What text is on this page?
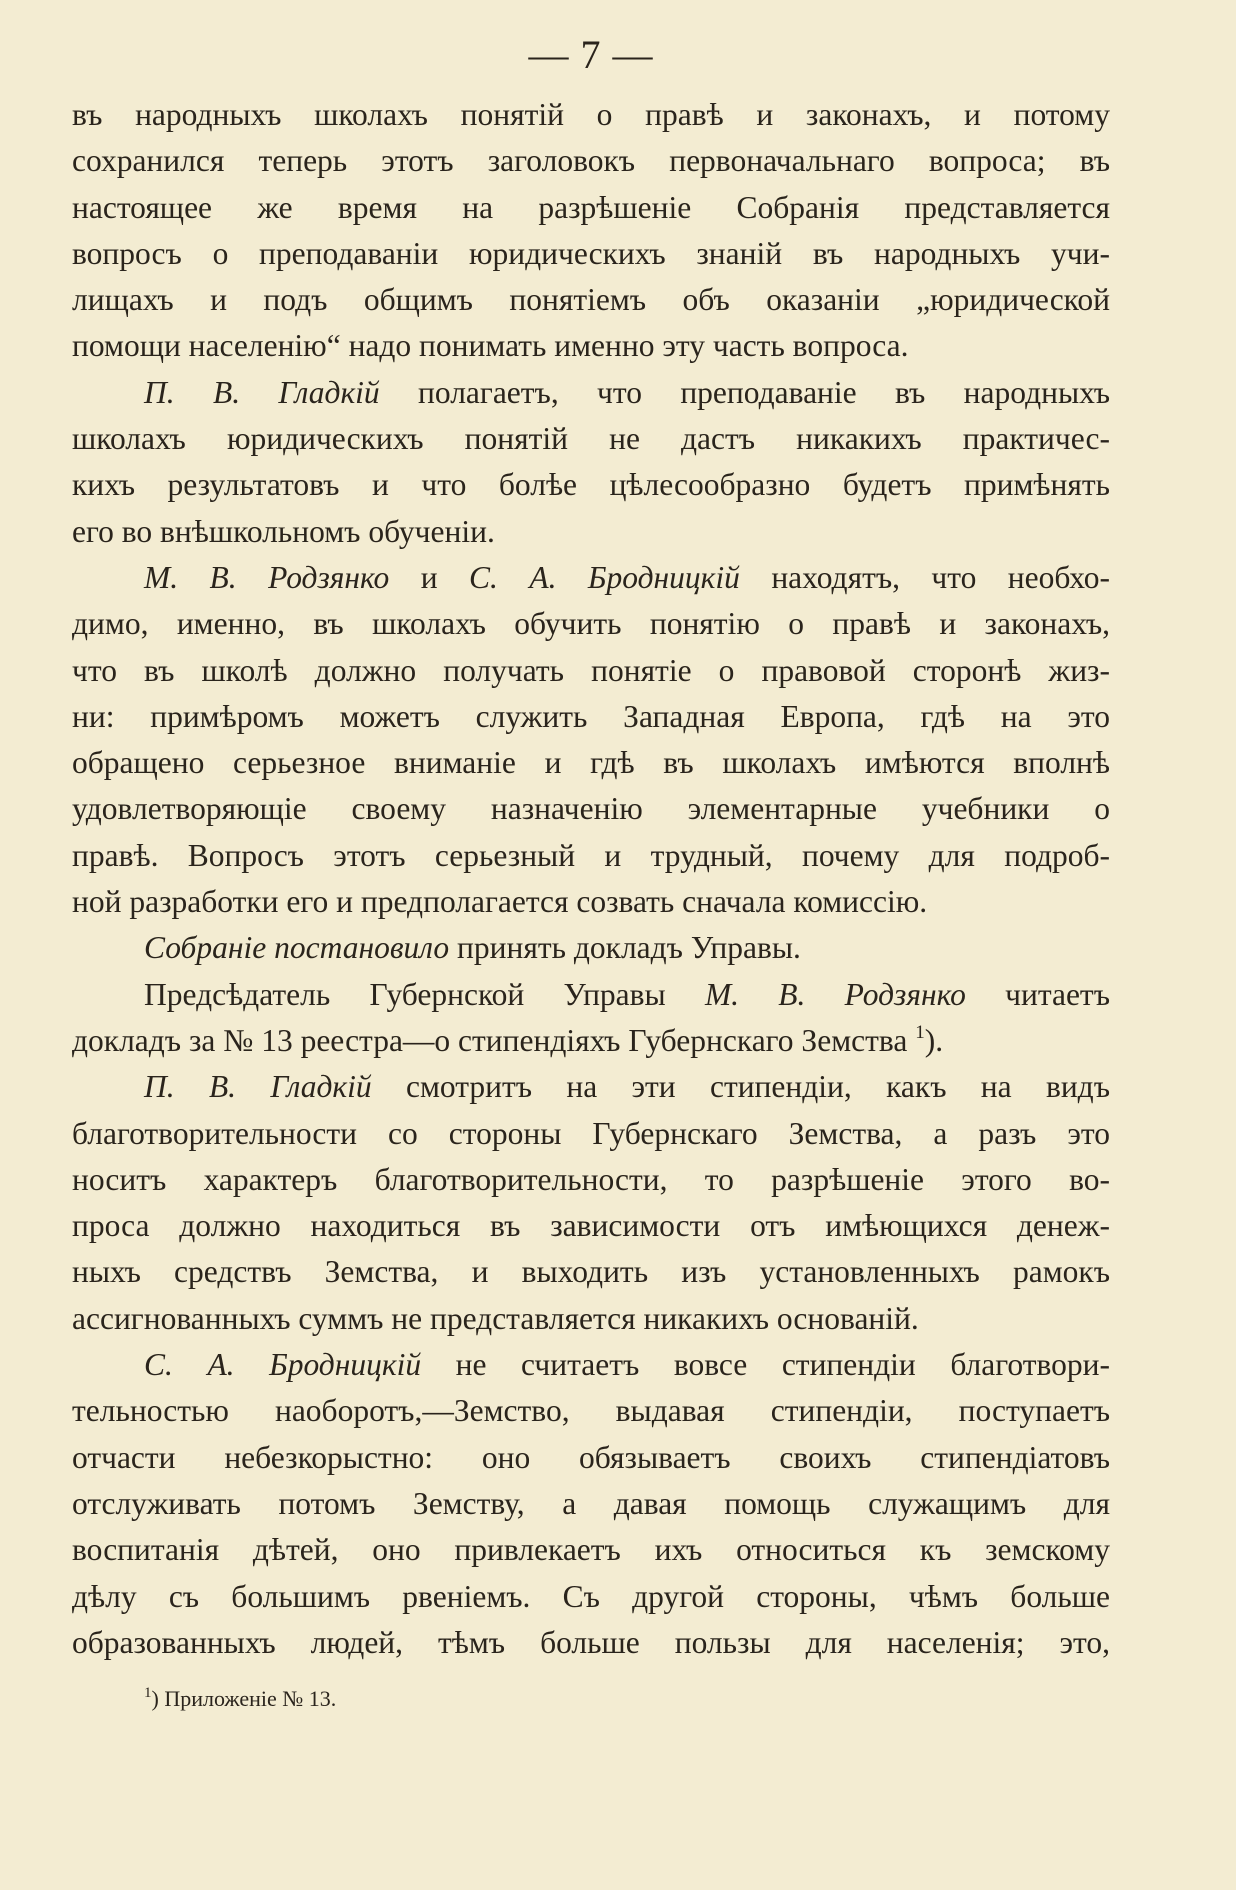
— 7 —
въ народныхъ школахъ понятій о правѣ и законахъ, и потому
сохранился теперь этотъ заголовокъ первоначальнаго вопроса; въ
настоящее же время на разрѣшеніе Собранія представляется
вопросъ о преподаваніи юридическихъ знаній въ народныхъ учи-
лищахъ и подъ общимъ понятіемъ объ оказаніи „юридической
помощи населенію“ надо понимать именно эту часть вопроса.
П. В. Гладкій полагаетъ, что преподаваніе въ народныхъ
школахъ юридическихъ понятій не дастъ никакихъ практичес-
кихъ результатовъ и что болѣе цѣлесообразно будетъ примѣнять
его во внѣшкольномъ обученіи.
М. В. Родзянко и С. А. Бродницкій находятъ, что необхо-
димо, именно, въ школахъ обучить понятію о правѣ и законахъ,
что въ школѣ должно получать понятіе о правовой сторонѣ жиз-
ни: примѣромъ можетъ служить Западная Европа, гдѣ на это
обращено серьезное вниманіе и гдѣ въ школахъ имѣются вполнѣ
удовлетворяющіе своему назначенію элементарные учебники о
правѣ. Вопросъ этотъ серьезный и трудный, почему для подроб-
ной разработки его и предполагается созвать сначала комиссію.
Собраніе постановило принять докладъ Управы.
Предсѣдатель Губернской Управы М. В. Родзянко читаетъ
докладъ за № 13 реестра—о стипендіяхъ Губернскаго Земства $^1$).
П. В. Гладкій смотритъ на эти стипендіи, какъ на видъ
благотворительности со стороны Губернскаго Земства, а разъ это
носитъ характеръ благотворительности, то разрѣшеніе этого во-
проса должно находиться въ зависимости отъ имѣющихся денеж-
ныхъ средствъ Земства, и выходить изъ установленныхъ рамокъ
ассигнованныхъ суммъ не представляется никакихъ основаній.
С. А. Бродницкій не считаетъ вовсе стипендіи благотвори-
тельностью наоборотъ,—Земство, выдавая стипендіи, поступаетъ
отчасти небезкорыстно: оно обязываетъ своихъ стипендіатовъ
отслуживать потомъ Земству, а давая помощь служащимъ для
воспитанія дѣтей, оно привлекаетъ ихъ относиться къ земскому
дѣлу съ большимъ рвеніемъ. Съ другой стороны, чѣмъ больше
образованныхъ людей, тѣмъ больше пользы для населенія; это,
$^1$) Приложеніе № 13.
